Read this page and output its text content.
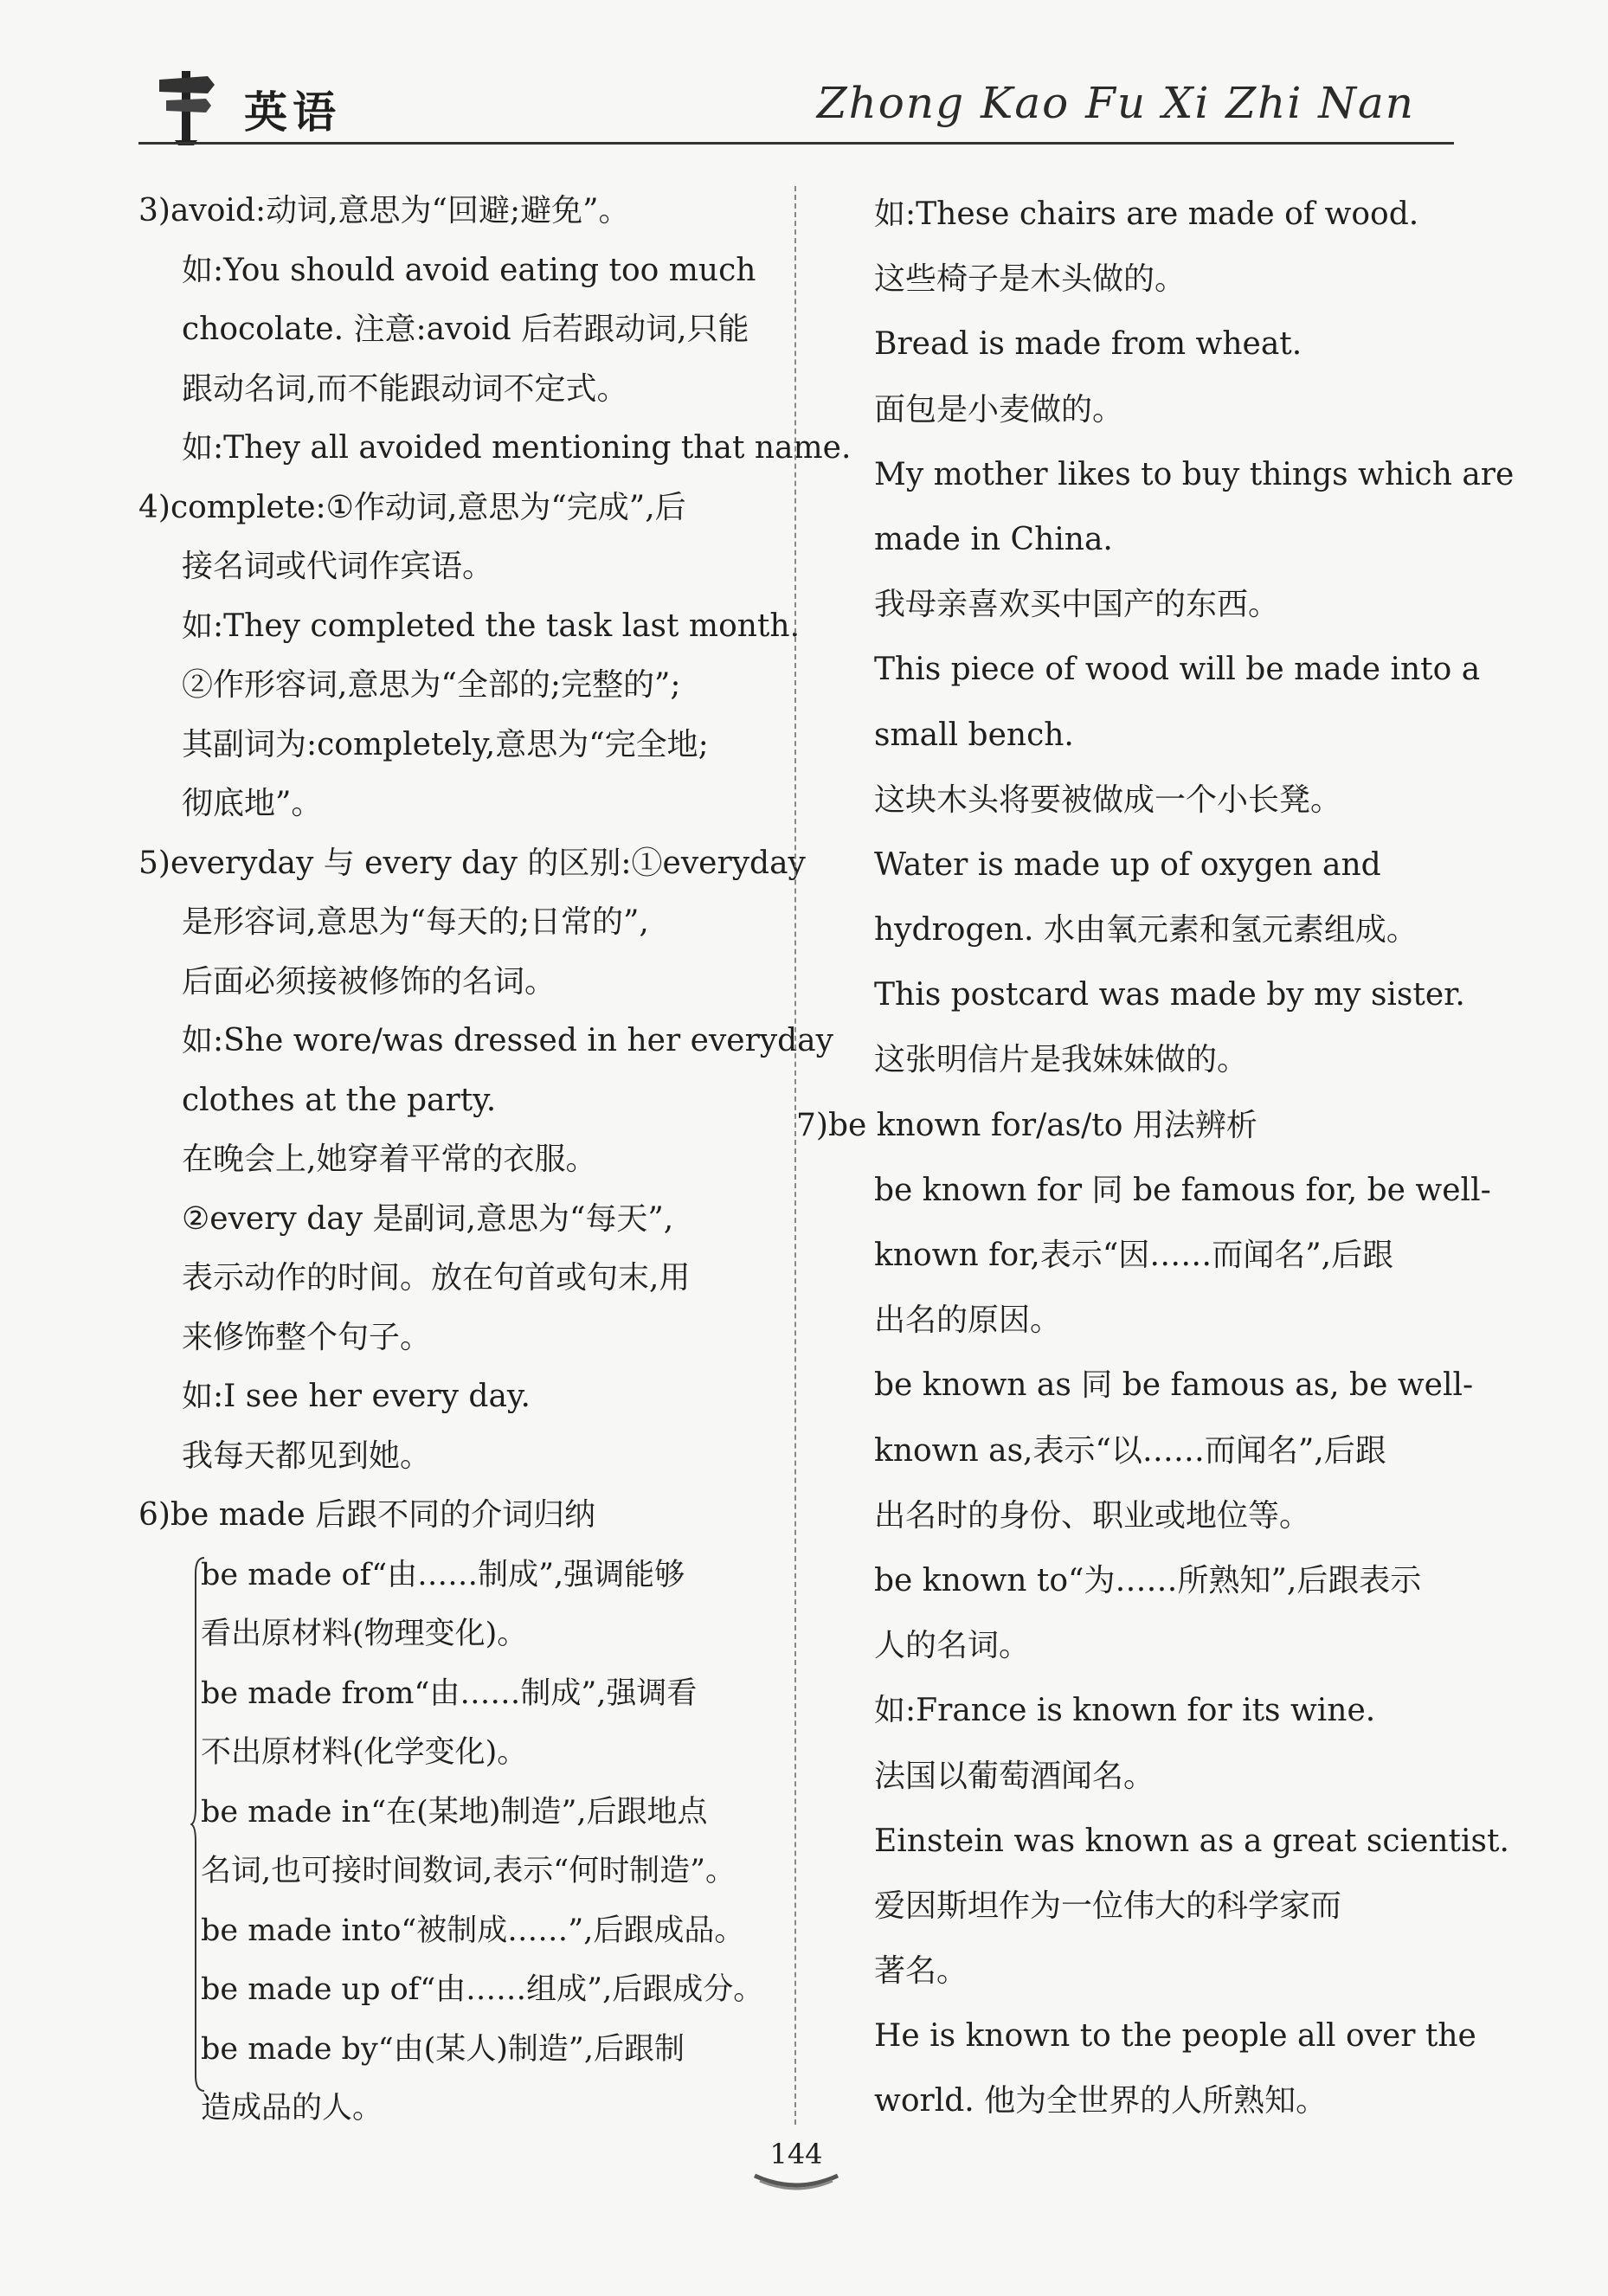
英语	Zhong Kao Fu Xi Zhi Nan
3)avoid:动词,意思为“回避;避免”。
如:You should avoid eating too much
chocolate. 注意:avoid 后若跟动词,只能
跟动名词,而不能跟动词不定式。
如:They all avoided mentioning that name.
4)complete:①作动词,意思为“完成”,后
接名词或代词作宾语。
如:They completed the task last month.
②作形容词,意思为“全部的;完整的”;
其副词为:completely,意思为“完全地;
彻底地”。
5)everyday 与 every day 的区别:①everyday
是形容词,意思为“每天的;日常的”,
后面必须接被修饰的名词。
如:She wore/was dressed in her everyday
clothes at the party.
在晚会上,她穿着平常的衣服。
②every day 是副词,意思为“每天”,
表示动作的时间。放在句首或句末,用
来修饰整个句子。
如:I see her every day.
我每天都见到她。
6)be made 后跟不同的介词归纳
be made of“由……制成”,强调能够
看出原材料(物理变化)。
be made from“由……制成”,强调看
不出原材料(化学变化)。
be made in“在(某地)制造”,后跟地点
名词,也可接时间数词,表示“何时制造”。
be made into“被制成……”,后跟成品。
be made up of“由……组成”,后跟成分。
be made by“由(某人)制造”,后跟制
造成品的人。
如:These chairs are made of wood.
这些椅子是木头做的。
Bread is made from wheat.
面包是小麦做的。
My mother likes to buy things which are
made in China.
我母亲喜欢买中国产的东西。
This piece of wood will be made into a
small bench.
这块木头将要被做成一个小长凳。
Water is made up of oxygen and
hydrogen. 水由氧元素和氢元素组成。
This postcard was made by my sister.
这张明信片是我妹妹做的。
7)be known for/as/to 用法辨析
be known for 同 be famous for, be well-
known for,表示“因……而闻名”,后跟
出名的原因。
be known as 同 be famous as, be well-
known as,表示“以……而闻名”,后跟
出名时的身份、职业或地位等。
be known to“为……所熟知”,后跟表示
人的名词。
如:France is known for its wine.
法国以葡萄酒闻名。
Einstein was known as a great scientist.
爱因斯坦作为一位伟大的科学家而
著名。
He is known to the people all over the
world. 他为全世界的人所熟知。
144
